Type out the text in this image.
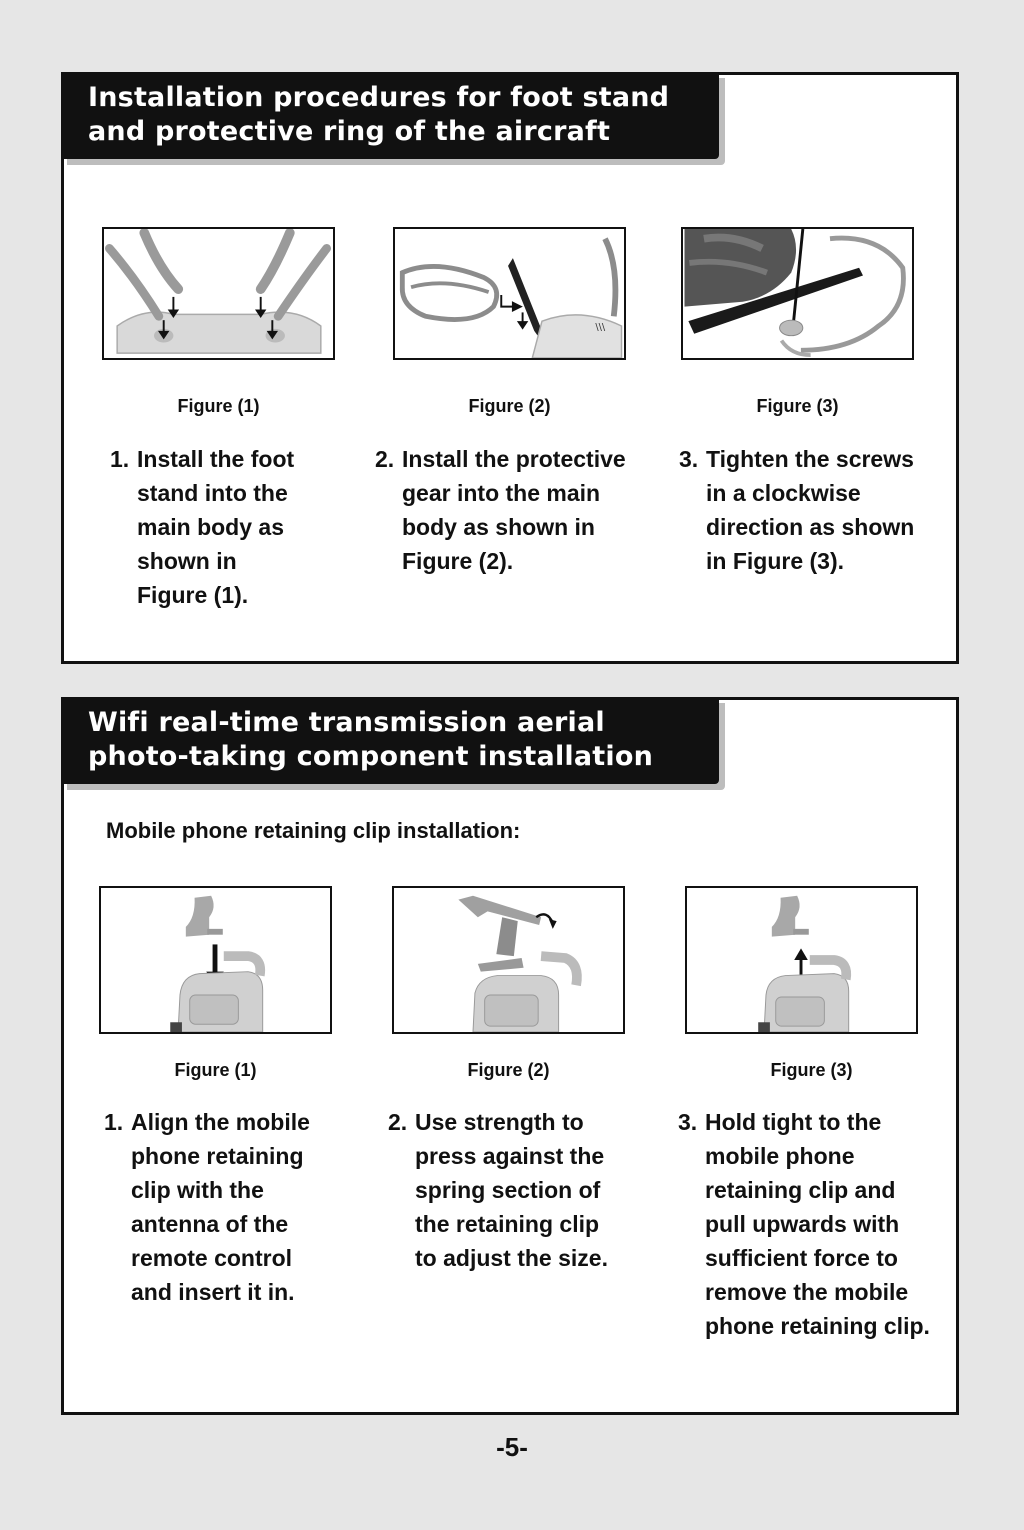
Installation procedures for foot stand
and protective ring of the aircraft
\\\
Figure (1)	Figure (2)	Figure (3)
1. Install the foot
stand into the
main body as
shown in
Figure (1).
2. Install the protective
gear into the main
body as shown in
Figure (2).
3. Tighten the screws
in a clockwise
direction as shown
in Figure (3).
Wifi real-time transmission aerial
photo-taking component installation
Mobile phone retaining clip installation:
Figure (1)	Figure (2)	Figure (3)
1. Align the mobile
phone retaining
clip with the
antenna of the
remote control
and insert it in.
2. Use strength to
press against the
spring section of
the retaining clip
to adjust the size.
3. Hold tight to the
mobile phone
retaining clip and
pull upwards with
sufficient force to
remove the mobile
phone retaining clip.
-5-
